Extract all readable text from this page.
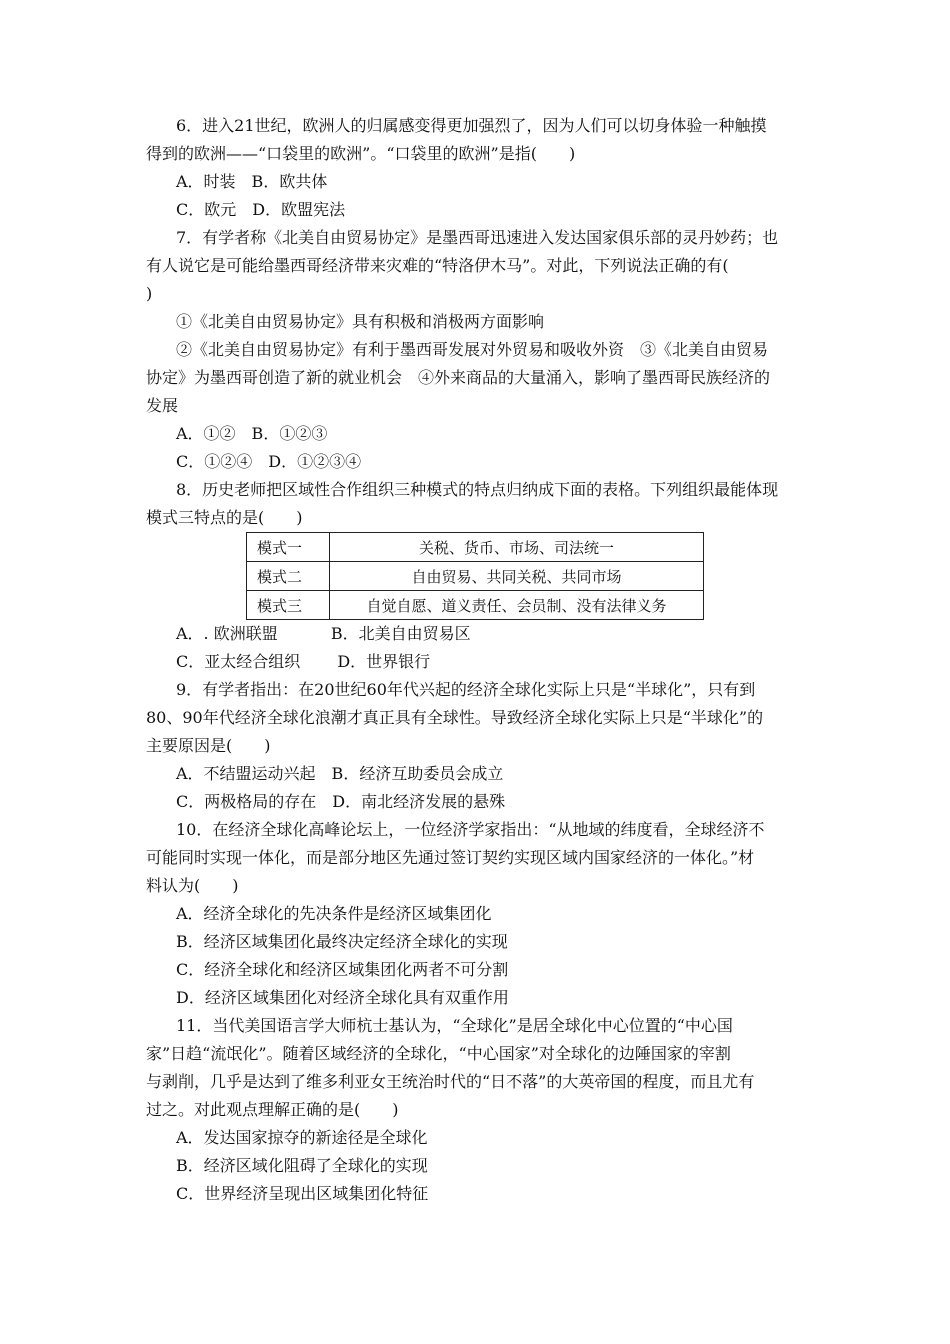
6．进入21世纪，欧洲人的归属感变得更加强烈了，因为人们可以切身体验一种触摸

得到的欧洲——“口袋里的欧洲”。“口袋里的欧洲”是指(　　)

A．时装　B．欧共体

C．欧元　D．欧盟宪法

7．有学者称《北美自由贸易协定》是墨西哥迅速进入发达国家俱乐部的灵丹妙药；也

有人说它是可能给墨西哥经济带来灾难的“特洛伊木马”。对此，下列说法正确的有(

)

①《北美自由贸易协定》具有积极和消极两方面影响

②《北美自由贸易协定》有利于墨西哥发展对外贸易和吸收外资　③《北美自由贸易

协定》为墨西哥创造了新的就业机会　④外来商品的大量涌入，影响了墨西哥民族经济的

发展

A．①②　B．①②③

C．①②④　D．①②③④

8．历史老师把区域性合作组织三种模式的特点归纳成下面的表格。下列组织最能体现

模式三特点的是(　　)

模式一	关税、货币、市场、司法统一
模式二	自由贸易、共同关税、共同市场
模式三	自觉自愿、道义责任、会员制、没有法律义务

A．. 欧洲联盟　　　 B．北美自由贸易区

C．亚太经合组织　　 D．世界银行

9．有学者指出：在20世纪60年代兴起的经济全球化实际上只是“半球化”，只有到

80、90年代经济全球化浪潮才真正具有全球性。导致经济全球化实际上只是“半球化”的

主要原因是(　　)

A．不结盟运动兴起　B．经济互助委员会成立

C．两极格局的存在　D．南北经济发展的悬殊

10．在经济全球化高峰论坛上，一位经济学家指出：“从地域的纬度看，全球经济不

可能同时实现一体化，而是部分地区先通过签订契约实现区域内国家经济的一体化。”材

料认为(　　)

A．经济全球化的先决条件是经济区域集团化

B．经济区域集团化最终决定经济全球化的实现

C．经济全球化和经济区域集团化两者不可分割

D．经济区域集团化对经济全球化具有双重作用

11．当代美国语言学大师杭士基认为，“全球化”是居全球化中心位置的“中心国

家”日趋“流氓化”。随着区域经济的全球化，“中心国家”对全球化的边陲国家的宰割

与剥削，几乎是达到了维多利亚女王统治时代的“日不落”的大英帝国的程度，而且尤有

过之。对此观点理解正确的是(　　)

A．发达国家掠夺的新途径是全球化

B．经济区域化阻碍了全球化的实现

C．世界经济呈现出区域集团化特征
